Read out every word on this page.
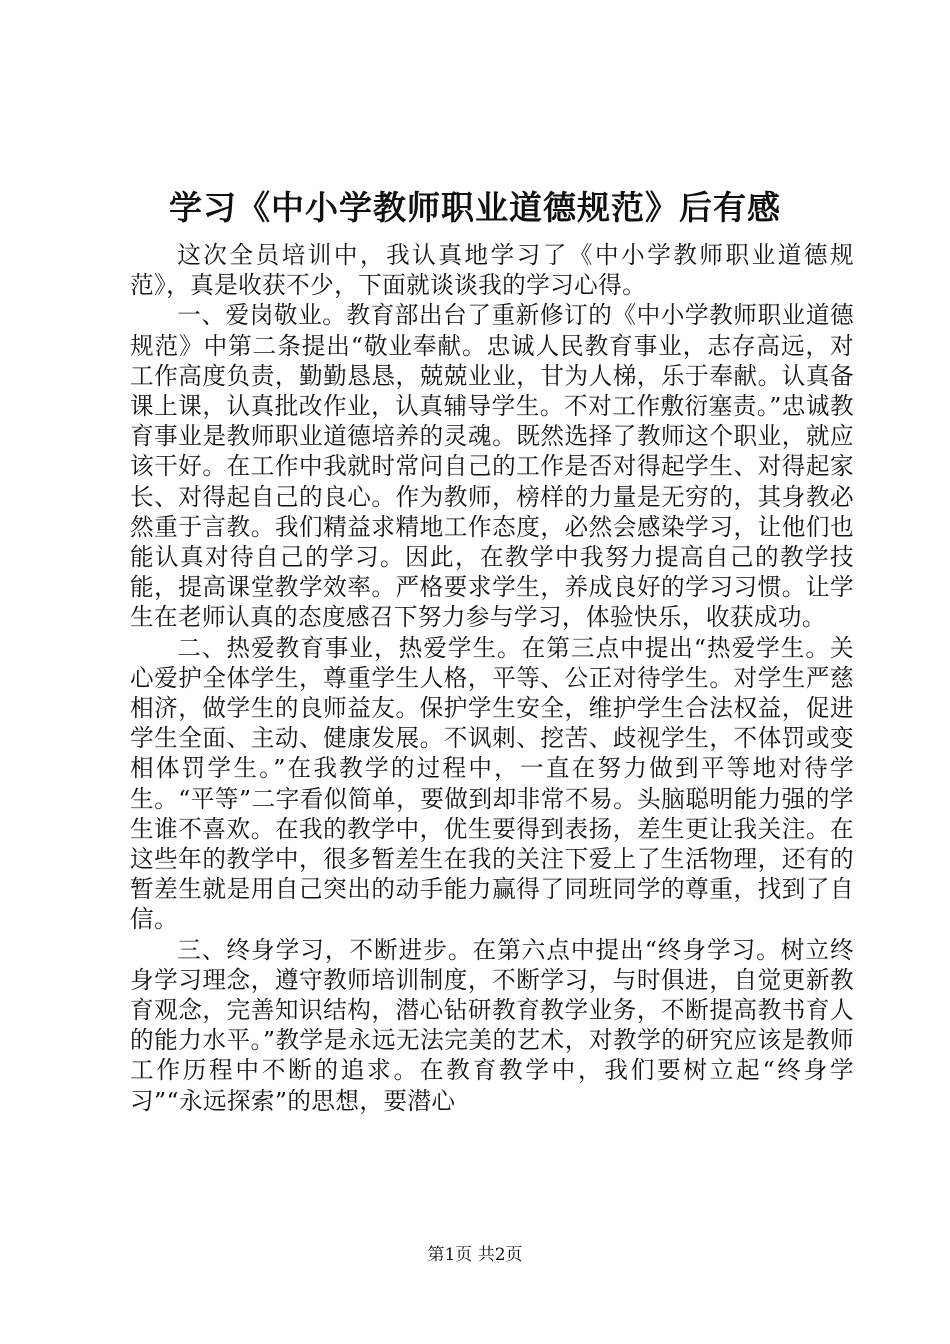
学习《中小学教师职业道德规范》后有感

这次全员培训中，我认真地学习了《中小学教师职业道德规范》，真是收获不少，下面就谈谈我的学习心得。

一、爱岗敬业。教育部出台了重新修订的《中小学教师职业道德规范》中第二条提出“敬业奉献。忠诚人民教育事业，志存高远，对工作高度负责，勤勤恳恳，兢兢业业，甘为人梯，乐于奉献。认真备课上课，认真批改作业，认真辅导学生。不对工作敷衍塞责。”忠诚教育事业是教师职业道德培养的灵魂。既然选择了教师这个职业，就应该干好。在工作中我就时常问自己的工作是否对得起学生、对得起家长、对得起自己的良心。作为教师，榜样的力量是无穷的，其身教必然重于言教。我们精益求精地工作态度，必然会感染学习，让他们也能认真对待自己的学习。因此，在教学中我努力提高自己的教学技能，提高课堂教学效率。严格要求学生，养成良好的学习习惯。让学生在老师认真的态度感召下努力参与学习，体验快乐，收获成功。

二、热爱教育事业，热爱学生。在第三点中提出“热爱学生。关心爱护全体学生，尊重学生人格，平等、公正对待学生。对学生严慈相济，做学生的良师益友。保护学生安全，维护学生合法权益，促进学生全面、主动、健康发展。不讽刺、挖苦、歧视学生，不体罚或变相体罚学生。”在我教学的过程中，一直在努力做到平等地对待学生。“平等”二字看似简单，要做到却非常不易。头脑聪明能力强的学生谁不喜欢。在我的教学中，优生要得到表扬，差生更让我关注。在这些年的教学中，很多暂差生在我的关注下爱上了生活物理，还有的暂差生就是用自己突出的动手能力赢得了同班同学的尊重，找到了自信。

三、终身学习，不断进步。在第六点中提出“终身学习。树立终身学习理念，遵守教师培训制度，不断学习，与时俱进，自觉更新教育观念，完善知识结构，潜心钻研教育教学业务，不断提高教书育人的能力水平。”教学是永远无法完美的艺术，对教学的研究应该是教师工作历程中不断的追求。在教育教学中，我们要树立起“终身学习”“永远探索”的思想，要潜心

第1页 共2页
